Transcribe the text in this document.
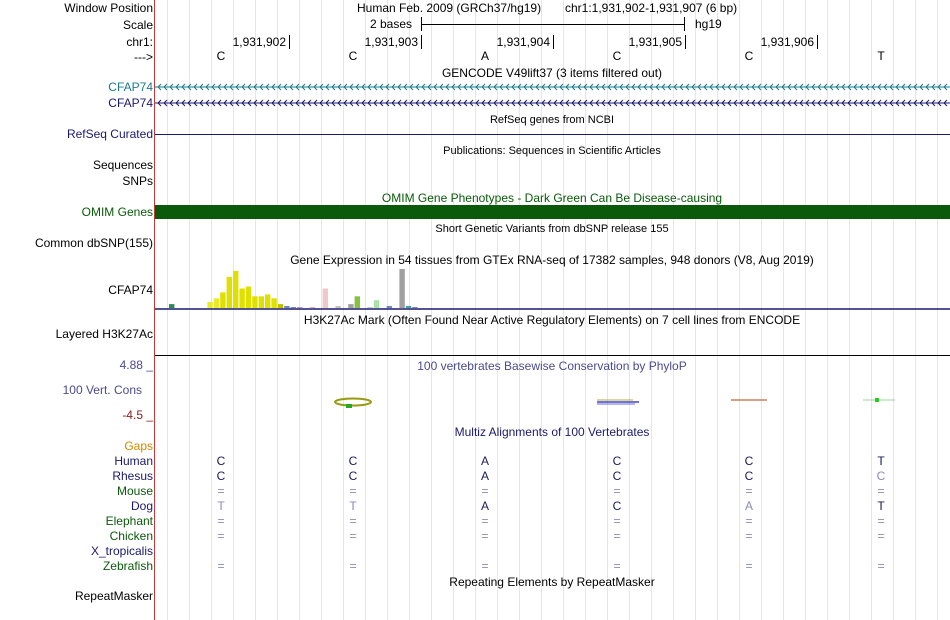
Window Position	Human Feb. 2009 (GRCh37/hg19) chr1:1,931,902-1,931,907 (6 bp)
Scale	2 bases	hg19
chr1:	1,931,902	1,931,903	1,931,904	1,931,905	1,931,906
--->	C	C	A	C	C	T
GENCODE V49lift37 (3 items filtered out)
CFAP74
CFAP74
RefSeq genes from NCBI
RefSeq Curated
Publications: Sequences in Scientific Articles
Sequences
SNPs
OMIM Gene Phenotypes - Dark Green Can Be Disease-causing
OMIM Genes
Short Genetic Variants from dbSNP release 155
Common dbSNP(155)
Gene Expression in 54 tissues from GTEx RNA-seq of 17382 samples, 948 donors (V8, Aug 2019)
CFAP74
H3K27Ac Mark (Often Found Near Active Regulatory Elements) on 7 cell lines from ENCODE
Layered H3K27Ac
100 vertebrates Basewise Conservation by PhyloP
4.88 _
100 Vert. Cons
-4.5 _
Multiz Alignments of 100 Vertebrates
Gaps
Human	C	C	A	C	C	T
Rhesus	C	C	A	C	C	C
Mouse	=	=	=	=	=	=
Dog	T	T	A	C	A	T
Elephant	=	=	=	=	=	=
Chicken	=	=	=	=	=	=
X_tropicalis
Zebrafish	=	=	=	=	=	=
Repeating Elements by RepeatMasker
RepeatMasker
